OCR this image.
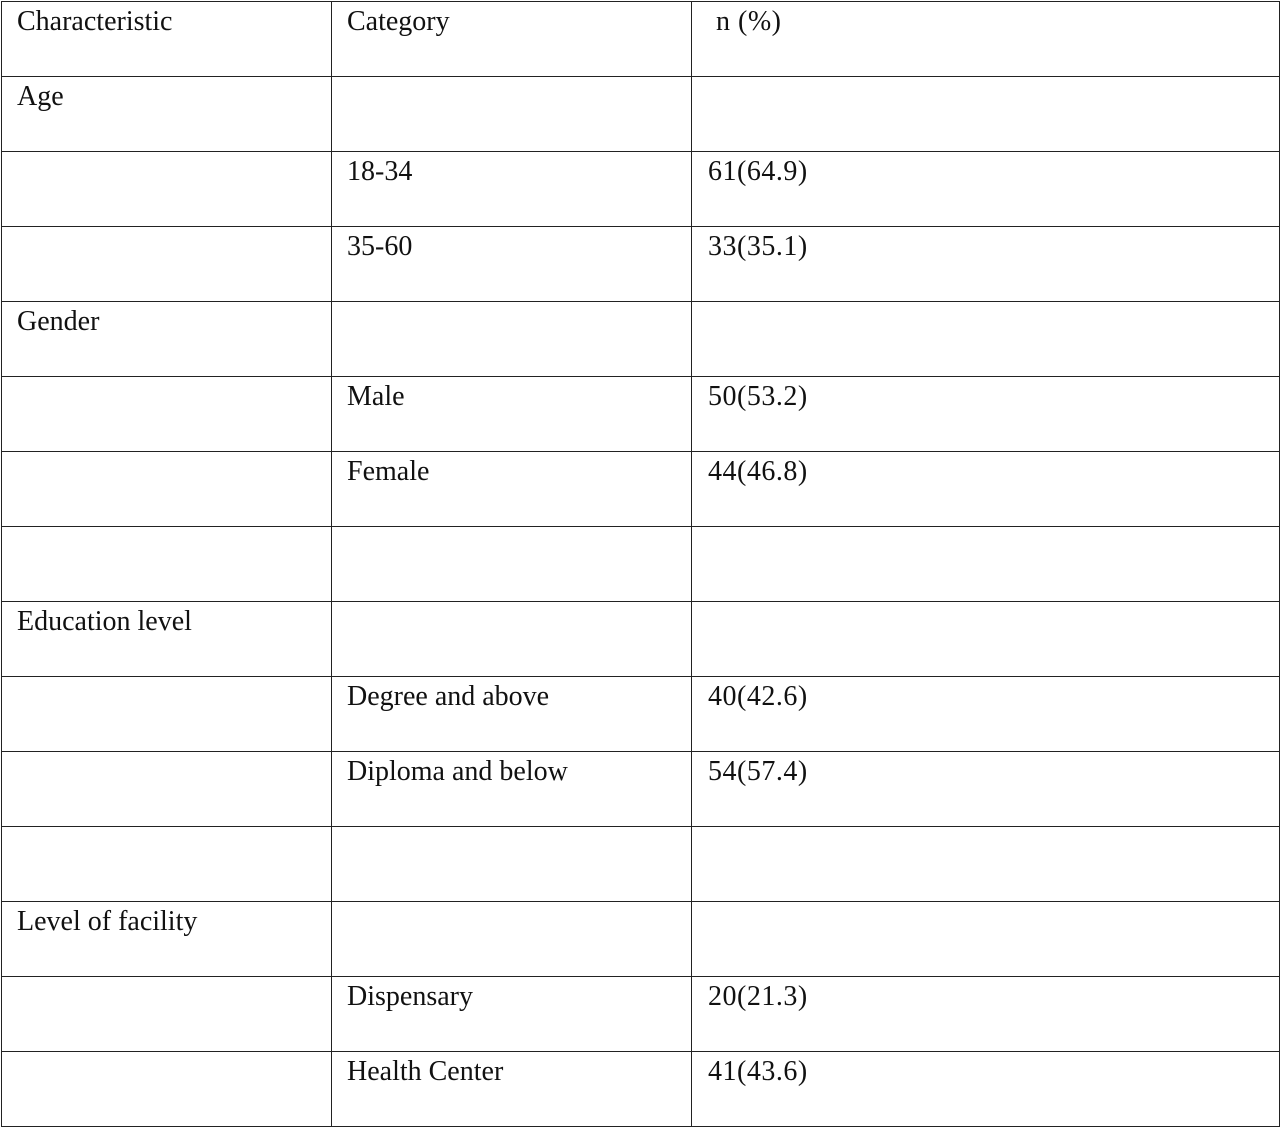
Characteristic	Category	n (%)
Age		
	18-34	61(64.9)
	35-60	33(35.1)
Gender		
	Male	50(53.2)
	Female	44(46.8)

Education level		
	Degree and above	40(42.6)
	Diploma and below	54(57.4)

Level of facility		
	Dispensary	20(21.3)
	Health Center	41(43.6)
